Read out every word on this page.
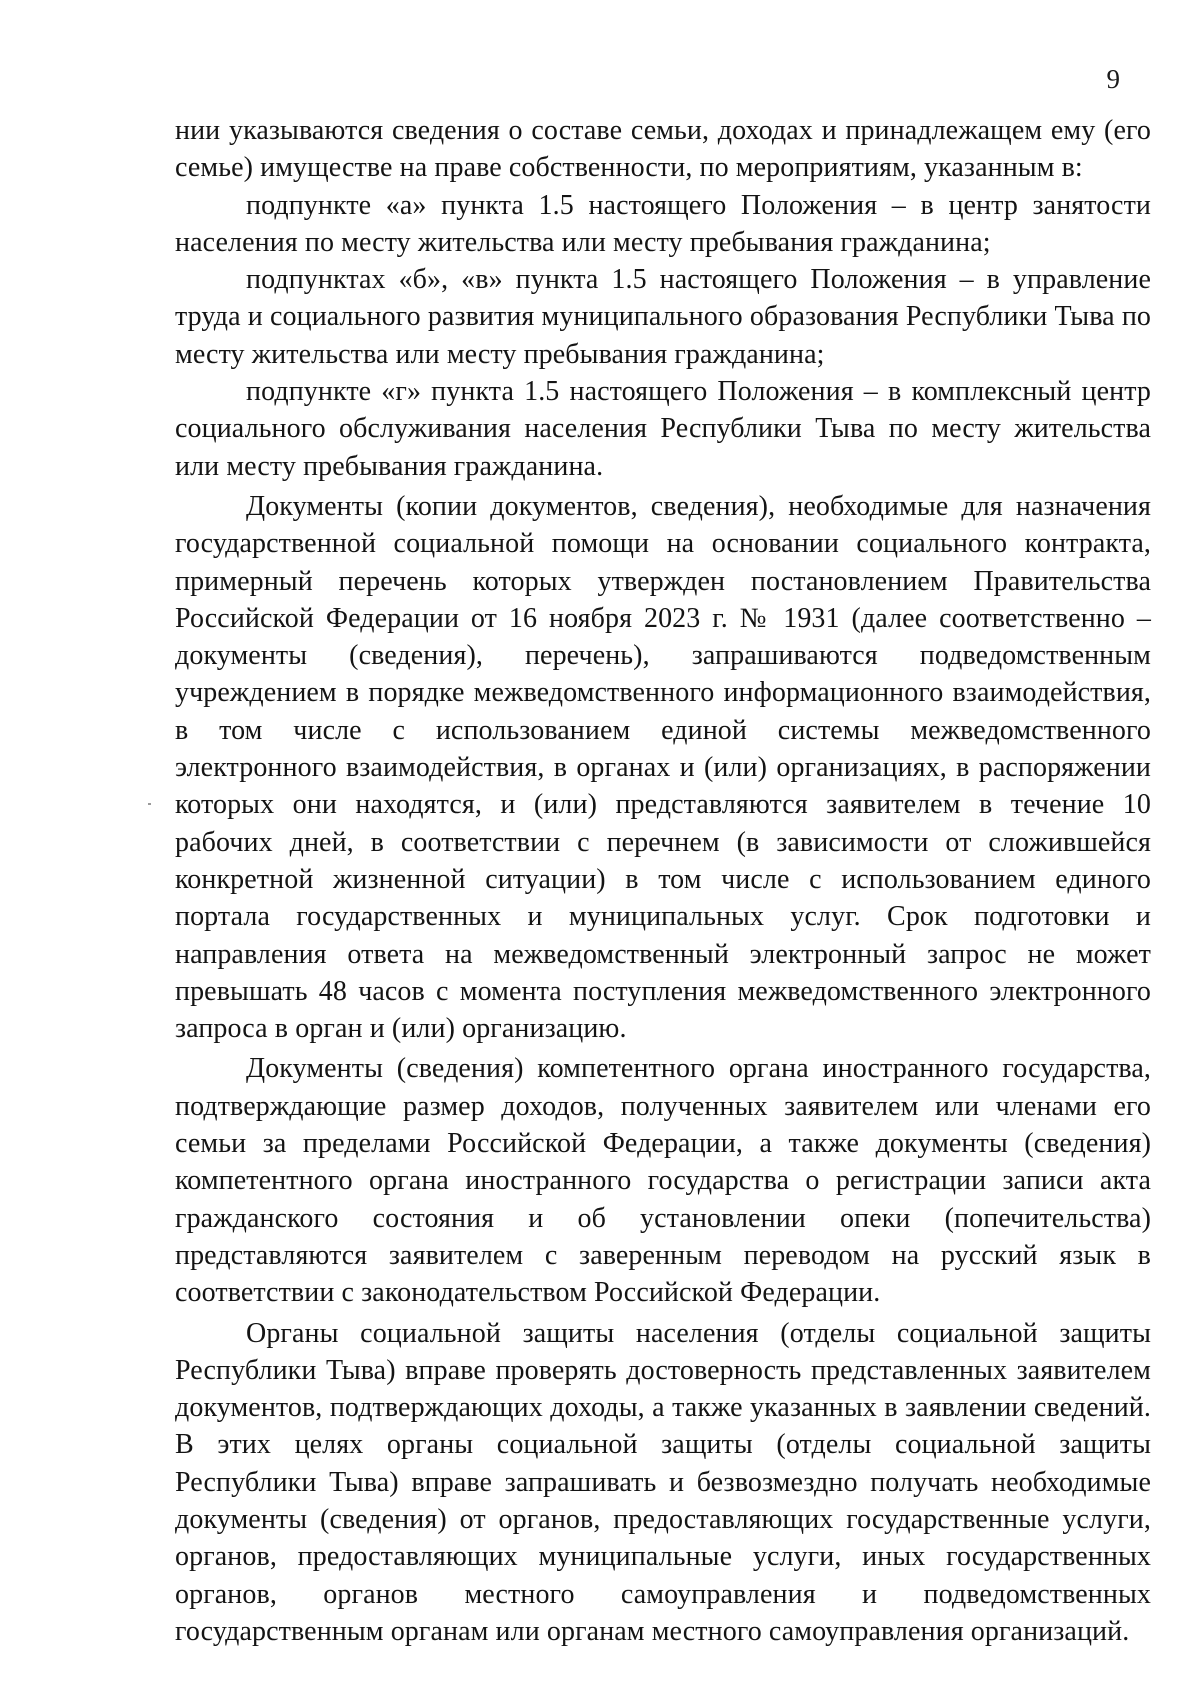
9

нии указываются сведения о составе семьи, доходах и принадлежащем ему (его семье) имуществе на праве собственности, по мероприятиям, указанным в:

подпункте «а» пункта 1.5 настоящего Положения – в центр занятости населения по месту жительства или месту пребывания гражданина;

подпунктах «б», «в» пункта 1.5 настоящего Положения – в управление труда и социального развития муниципального образования Республики Тыва по месту жительства или месту пребывания гражданина;

подпункте «г» пункта 1.5 настоящего Положения – в комплексный центр социального обслуживания населения Республики Тыва по месту жительства или месту пребывания гражданина.

Документы (копии документов, сведения), необходимые для назначения государственной социальной помощи на основании социального контракта, примерный перечень которых утвержден постановлением Правительства Российской Федерации от 16 ноября 2023 г. № 1931 (далее соответственно – документы (сведения), перечень), запрашиваются подведомственным учреждением в порядке межведомственного информационного взаимодействия, в том числе с использованием единой системы межведомственного электронного взаимодействия, в органах и (или) организациях, в распоряжении которых они находятся, и (или) представляются заявителем в течение 10 рабочих дней, в соответствии с перечнем (в зависимости от сложившейся конкретной жизненной ситуации) в том числе с использованием единого портала государственных и муниципальных услуг. Срок подготовки и направления ответа на межведомственный электронный запрос не может превышать 48 часов с момента поступления межведомственного электронного запроса в орган и (или) организацию.

Документы (сведения) компетентного органа иностранного государства, подтверждающие размер доходов, полученных заявителем или членами его семьи за пределами Российской Федерации, а также документы (сведения) компетентного органа иностранного государства о регистрации записи акта гражданского состояния и об установлении опеки (попечительства) представляются заявителем с заверенным переводом на русский язык в соответствии с законодательством Российской Федерации.

Органы социальной защиты населения (отделы социальной защиты Республики Тыва) вправе проверять достоверность представленных заявителем документов, подтверждающих доходы, а также указанных в заявлении сведений. В этих целях органы социальной защиты (отделы социальной защиты Республики Тыва) вправе запрашивать и безвозмездно получать необходимые документы (сведения) от органов, предоставляющих государственные услуги, органов, предоставляющих муниципальные услуги, иных государственных органов, органов местного самоуправления и подведомственных государственным органам или органам местного самоуправления организаций.
